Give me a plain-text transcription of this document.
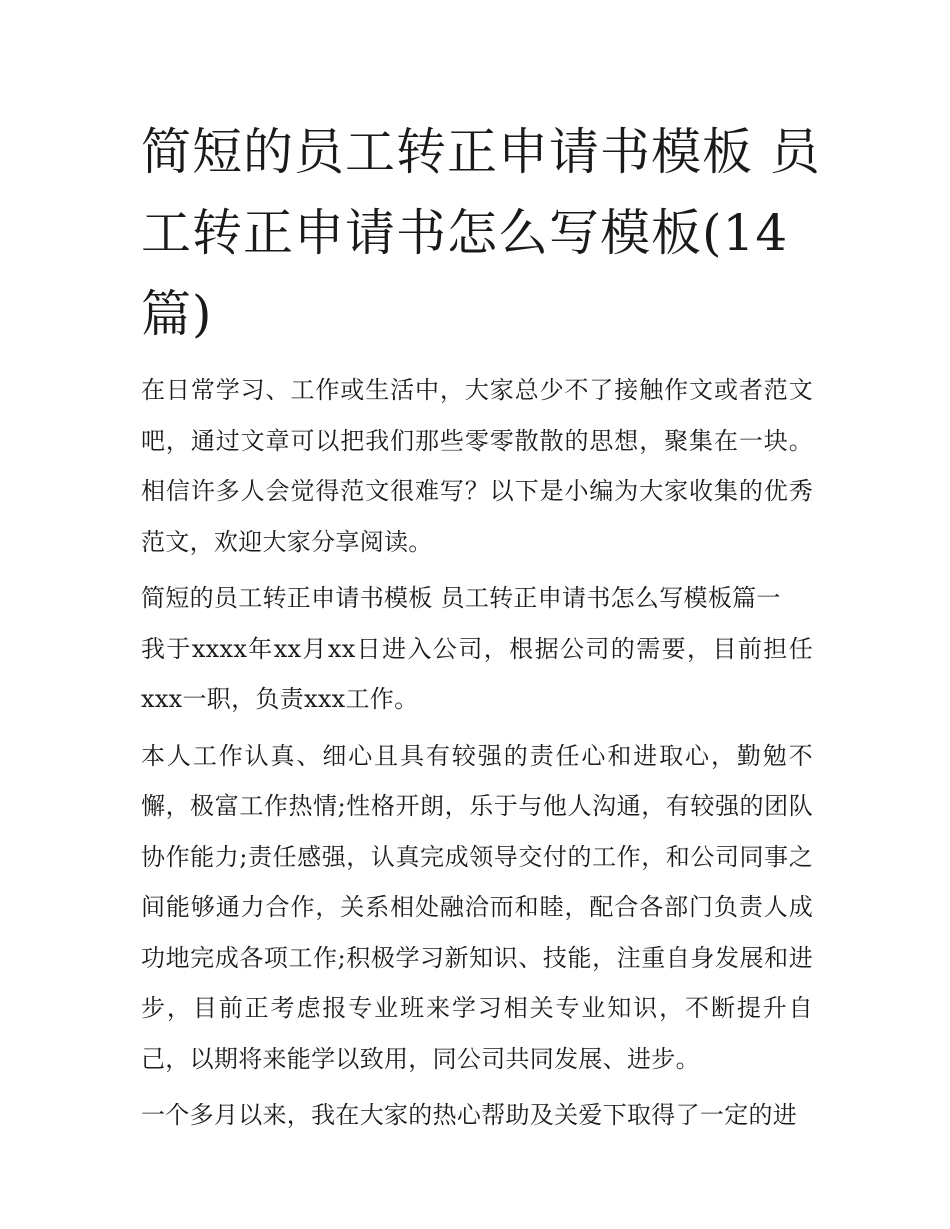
简短的员工转正申请书模板 员工转正申请书怎么写模板(14篇)

在日常学习、工作或生活中，大家总少不了接触作文或者范文吧，通过文章可以把我们那些零零散散的思想，聚集在一块。相信许多人会觉得范文很难写？以下是小编为大家收集的优秀范文，欢迎大家分享阅读。

简短的员工转正申请书模板 员工转正申请书怎么写模板篇一

我于xxxx年xx月xx日进入公司，根据公司的需要，目前担任xxx一职，负责xxx工作。

本人工作认真、细心且具有较强的责任心和进取心，勤勉不懈，极富工作热情;性格开朗，乐于与他人沟通，有较强的团队协作能力;责任感强，认真完成领导交付的工作，和公司同事之间能够通力合作，关系相处融洽而和睦，配合各部门负责人成功地完成各项工作;积极学习新知识、技能，注重自身发展和进步，目前正考虑报专业班来学习相关专业知识，不断提升自己，以期将来能学以致用，同公司共同发展、进步。

一个多月以来，我在大家的热心帮助及关爱下取得了一定的进
